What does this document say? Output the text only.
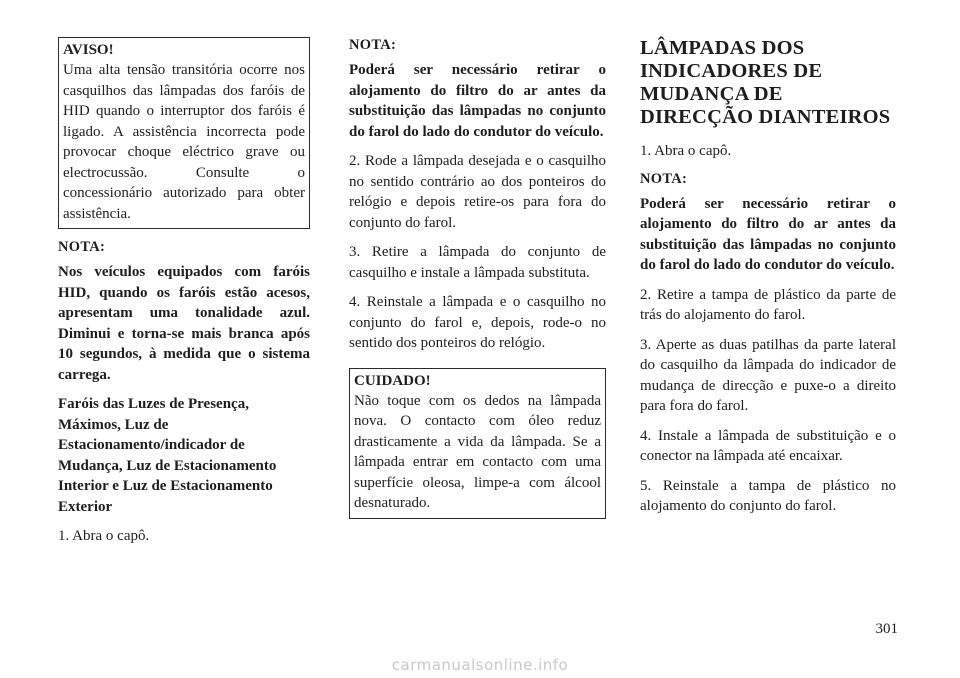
AVISO!
Uma alta tensão transitória ocorre nos casquilhos das lâmpadas dos faróis de HID quando o interruptor dos faróis é ligado. A assistência incorrecta pode provocar choque eléctrico grave ou electrocussão. Consulte o concessionário autorizado para obter assistência.
NOTA:

Nos veículos equipados com faróis HID, quando os faróis estão acesos, apresentam uma tonalidade azul. Diminui e torna-se mais branca após 10 segundos, à medida que o sistema carrega.

Faróis das Luzes de Presença, Máximos, Luz de Estacionamento/indicador de Mudança, Luz de Estacionamento Interior e Luz de Estacionamento Exterior

1. Abra o capô.

NOTA:

Poderá ser necessário retirar o alojamento do filtro do ar antes da substituição das lâmpadas no conjunto do farol do lado do condutor do veículo.

2. Rode a lâmpada desejada e o casquilho no sentido contrário ao dos ponteiros do relógio e depois retire-os para fora do conjunto do farol.

3. Retire a lâmpada do conjunto de casquilho e instale a lâmpada substituta.

4. Reinstale a lâmpada e o casquilho no conjunto do farol e, depois, rode-o no sentido dos ponteiros do relógio.

CUIDADO!
Não toque com os dedos na lâmpada nova. O contacto com óleo reduz drasticamente a vida da lâmpada. Se a lâmpada entrar em contacto com uma superfície oleosa, limpe-a com álcool desnaturado.
LÂMPADAS DOS INDICADORES DE MUDANÇA DE DIRECÇÃO DIANTEIROS

1. Abra o capô.

NOTA:

Poderá ser necessário retirar o alojamento do filtro do ar antes da substituição das lâmpadas no conjunto do farol do lado do condutor do veículo.

2. Retire a tampa de plástico da parte de trás do alojamento do farol.

3. Aperte as duas patilhas da parte lateral do casquilho da lâmpada do indicador de mudança de direcção e puxe-o a direito para fora do farol.

4. Instale a lâmpada de substituição e o conector na lâmpada até encaixar.

5. Reinstale a tampa de plástico no alojamento do conjunto do farol.

301
carmanualsonline.info
